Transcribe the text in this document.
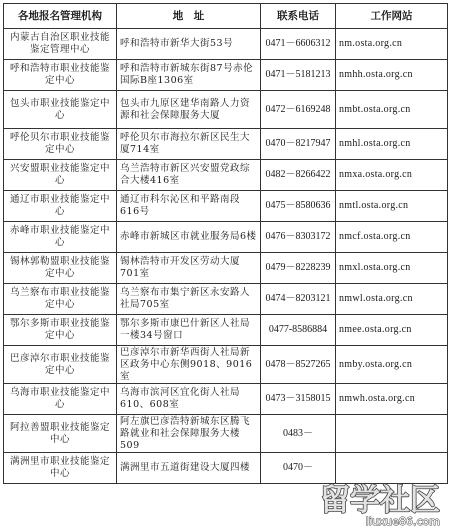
各地报名管理机构	地　址	联系电话	工作网站
内蒙古自治区职业技能鉴定管理中心	呼和浩特市新华大街53号	0471－6606312	nm.osta.org.cn
呼和浩特市职业技能鉴定中心	呼和浩特市新城东街87号赤伦国际B座1306室	0471－5181213	nmhh.osta.org.cn
包头市职业技能鉴定中心	包头市九原区建华南路人力资源和社会保障服务大厦	0472－6169248	nmbt.osta.org.cn
呼伦贝尔市职业技能鉴定中心	呼伦贝尔市海拉尔新区民生大厦714室	0470－8217947	nmhl.osta.org.cn
兴安盟职业技能鉴定中心	乌兰浩特市新区兴安盟党政综合大楼416室	0482－8266422	nmxa.osta.org.cn
通辽市职业技能鉴定中心	通辽市科尔沁区和平路南段616号	0475－8580636	nmtl.osta.org.cn
赤峰市职业技能鉴定中心	赤峰市新城区市就业服务局6楼	0476－8303172	nmcf.osta.org.cn
锡林郭勒盟职业技能鉴定中心	锡林浩特市开发区劳动大厦701室	0479－8228239	nmxl.osta.org.cn
乌兰察布市职业技能鉴定中心	乌兰察布市集宁新区永安路人社局705室	0474－8203121	nmwl.osta.org.cn
鄂尔多斯市职业技能鉴定中心	鄂尔多斯市康巴什新区人社局一楼34号窗口	0477-8586884	nmee.osta.org.cn
巴彦淖尔市职业技能鉴定中心	巴彦淖尔市新华西街人社局新区政务中心东侧9018、9016室	0478－8527265	nmby.osta.org.cn
乌海市职业技能鉴定中心	乌海市滨河区宜化街人社局610、608室	0473－3158015	nmwh.osta.org.cn
阿拉善盟职业技能鉴定中心	阿左旗巴彦浩特新城东区腾飞路就业和社会保障服务大楼509	0483－	
满洲里市职业技能鉴定中心	满洲里市五道街建设大厦四楼	0470－	
留学社区
liuxue86.com
